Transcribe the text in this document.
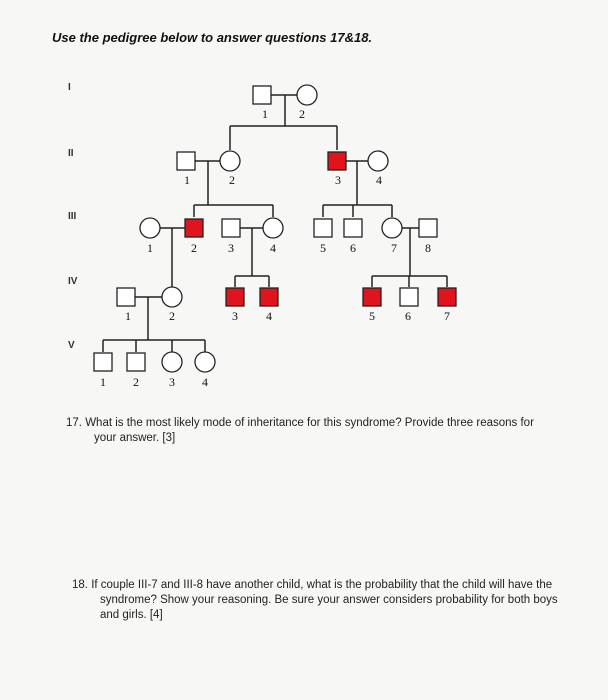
Use the pedigree below to answer questions 17&18.
I
II
III
IV
V
1	2
1	2	3	4
1	2	3	4	5 6	7 8
1	2	3 4	5	6	7
1 2	3 4
17. What is the most likely mode of inheritance for this syndrome? Provide three reasons for your answer. [3]
18. If couple III-7 and III-8 have another child, what is the probability that the child will have the syndrome? Show your reasoning. Be sure your answer considers probability for both boys and girls. [4]
